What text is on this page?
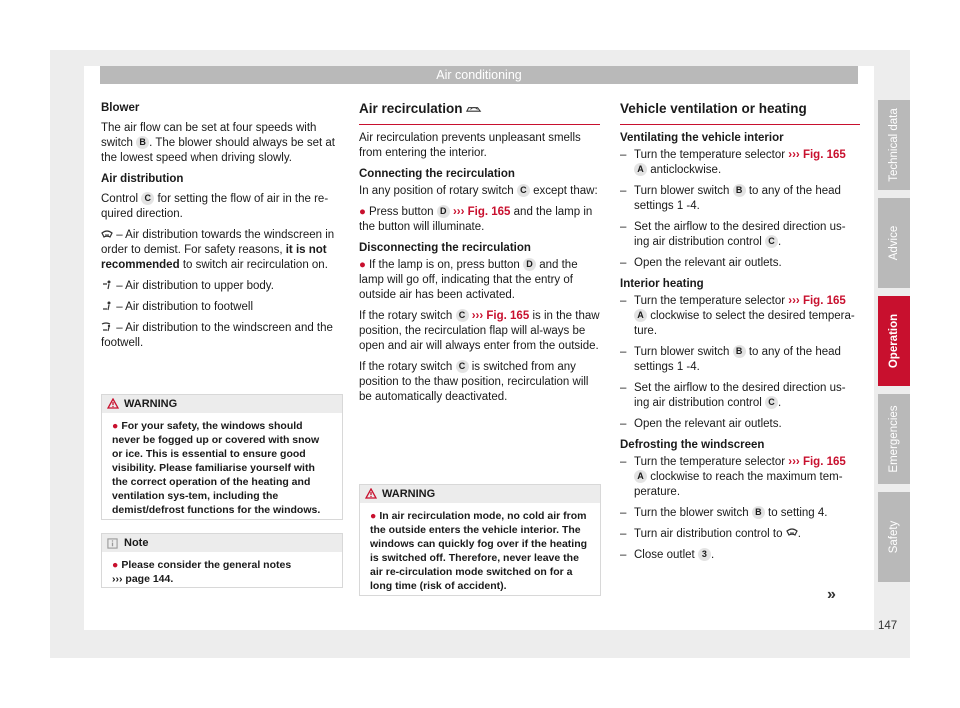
Air conditioning

Blower

The air flow can be set at four speeds with switch B . The blower should always be set at the lowest speed when driving slowly.

Air distribution

Control C for setting the flow of air in the re-quired direction.

– Air distribution towards the windscreen in order to demist. For safety reasons, it is not recommended to switch air recirculation on.

– Air distribution to upper body.

– Air distribution to footwell

– Air distribution to the windscreen and the footwell.

WARNING
● For your safety, the windows should never be fogged up or covered with snow or ice. This is essential to ensure good visibility. Please familiarise yourself with the correct operation of the heating and ventilation sys-tem, including the demist/defrost functions for the windows.
Note
● Please consider the general notes
››› page 144.
Air recirculation

Air recirculation prevents unpleasant smells from entering the interior.

Connecting the recirculation

In any position of rotary switch C except thaw:

● Press button D ››› Fig. 165 and the lamp in the button will illuminate.

Disconnecting the recirculation

● If the lamp is on, press button D and the lamp will go off, indicating that the entry of outside air has been activated.

If the rotary switch C ››› Fig. 165 is in the thaw position, the recirculation flap will al-ways be open and air will always enter from the outside.

If the rotary switch C is switched from any position to the thaw position, recirculation will be automatically deactivated.

WARNING
● In air recirculation mode, no cold air from the outside enters the vehicle interior. The windows can quickly fog over if the heating is switched off. Therefore, never leave the air re-circulation mode switched on for a long time (risk of accident).
Vehicle ventilation or heating

Ventilating the vehicle interior

– Turn the temperature selector ››› Fig. 165 A anticlockwise.

– Turn blower switch B to any of the head settings 1 -4.

– Set the airflow to the desired direction us-ing air distribution control C .

– Open the relevant air outlets.

Interior heating

– Turn the temperature selector ››› Fig. 165 A clockwise to select the desired tempera-ture.

– Turn blower switch B to any of the head settings 1 -4.

– Set the airflow to the desired direction us-ing air distribution control C .

– Open the relevant air outlets.

Defrosting the windscreen

– Turn the temperature selector ››› Fig. 165 A clockwise to reach the maximum tem-perature.

– Turn the blower switch B to setting 4.

– Turn air distribution control to .

– Close outlet 3 .

»
Technical data
Advice
Operation
Emergencies
Safety
147
